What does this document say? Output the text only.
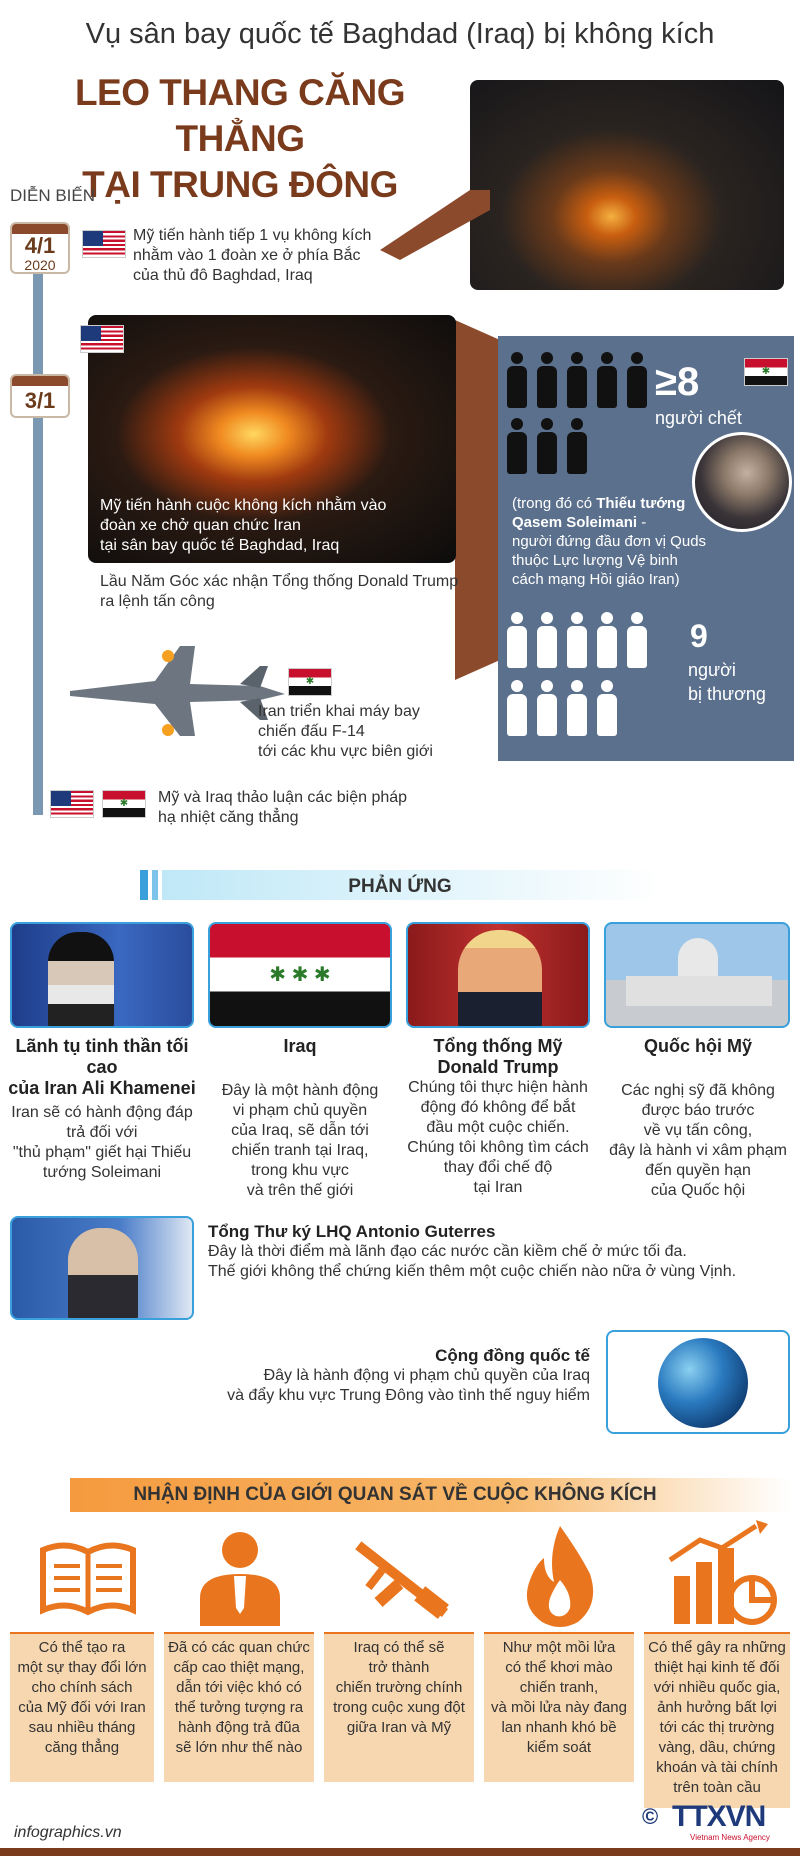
Vụ sân bay quốc tế Baghdad (Iraq) bị không kích
LEO THANG CĂNG THẲNG
TẠI TRUNG ĐÔNG
DIỄN BIẾN
4/1
2020
3/1
Mỹ tiến hành tiếp 1 vụ không kích
nhằm vào 1 đoàn xe ở phía Bắc
của thủ đô Baghdad, Iraq
Mỹ tiến hành cuộc không kích nhằm vào
đoàn xe chở quan chức Iran
tại sân bay quốc tế Baghdad, Iraq
Lầu Năm Góc xác nhận Tổng thống Donald Trump
ra lệnh tấn công
✱
Iran triển khai máy bay
chiến đấu F-14
tới các khu vực biên giới
✱
Mỹ và Iraq thảo luận các biện pháp
hạ nhiệt căng thẳng
≥8
người chết
✱
(trong đó có Thiếu tướng
Qasem Soleimani -
người đứng đầu đơn vị Quds
thuộc Lực lượng Vệ binh
cách mạng Hồi giáo Iran)
9
người
bị thương
PHẢN ỨNG
✱ ✱ ✱
Lãnh tụ tinh thần tối cao
của Iran Ali Khamenei
Iran sẽ có hành động đáp
trả đối với
"thủ phạm" giết hại Thiếu
tướng Soleimani
Iraq
Đây là một hành động
vi phạm chủ quyền
của Iraq, sẽ dẫn tới
chiến tranh tại Iraq,
trong khu vực
và trên thế giới
Tổng thống Mỹ
Donald Trump
Chúng tôi thực hiện hành
động đó không để bắt
đầu một cuộc chiến.
Chúng tôi không tìm cách
thay đổi chế độ
tại Iran
Quốc hội Mỹ
Các nghị sỹ đã không
được báo trước
về vụ tấn công,
đây là hành vi xâm phạm
đến quyền hạn
của Quốc hội
Tổng Thư ký LHQ Antonio Guterres
Đây là thời điểm mà lãnh đạo các nước cần kiềm chế ở mức tối đa.
Thế giới không thể chứng kiến thêm một cuộc chiến nào nữa ở vùng Vịnh.
Cộng đồng quốc tế
Đây là hành động vi phạm chủ quyền của Iraq
và đẩy khu vực Trung Đông vào tình thế nguy hiểm
NHẬN ĐỊNH CỦA GIỚI QUAN SÁT VỀ CUỘC KHÔNG KÍCH
Có thể tạo ra
một sự thay đổi lớn
cho chính sách
của Mỹ đối với Iran
sau nhiều tháng
căng thẳng
Đã có các quan chức
cấp cao thiệt mạng,
dẫn tới việc khó có
thể tưởng tượng ra
hành động trả đũa
sẽ lớn như thế nào
Iraq có thể sẽ
trở thành
chiến trường chính
trong cuộc xung đột
giữa Iran và Mỹ
Như một mồi lửa
có thể khơi mào
chiến tranh,
và mồi lửa này đang
lan nhanh khó bề
kiểm soát
Có thể gây ra những
thiệt hại kinh tế đối
với nhiều quốc gia,
ảnh hưởng bất lợi
tới các thị trường
vàng, dầu, chứng
khoán và tài chính
trên toàn cầu
infographics.vn
© TTXVN
Vietnam News Agency
